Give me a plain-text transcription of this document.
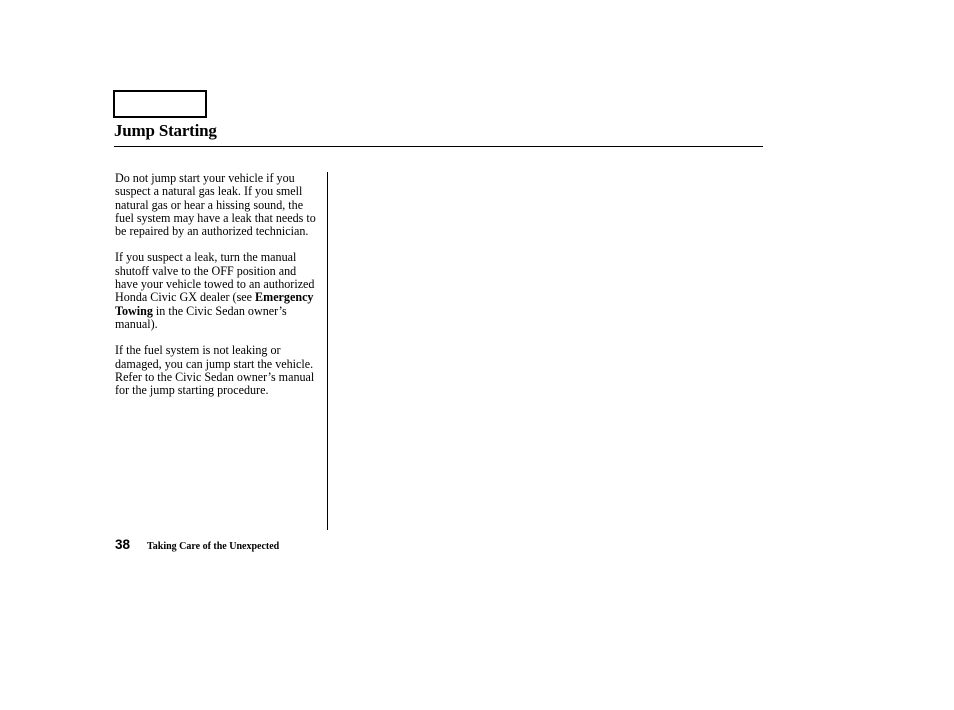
Jump Starting

Do not jump start your vehicle if you suspect a natural gas leak. If you smell natural gas or hear a hissing sound, the fuel system may have a leak that needs to be repaired by an authorized technician.

If you suspect a leak, turn the manual shutoff valve to the OFF position and have your vehicle towed to an authorized Honda Civic GX dealer (see Emergency Towing in the Civic Sedan owner’s manual).

If the fuel system is not leaking or damaged, you can jump start the vehicle. Refer to the Civic Sedan owner’s manual for the jump starting procedure.

38 Taking Care of the Unexpected
